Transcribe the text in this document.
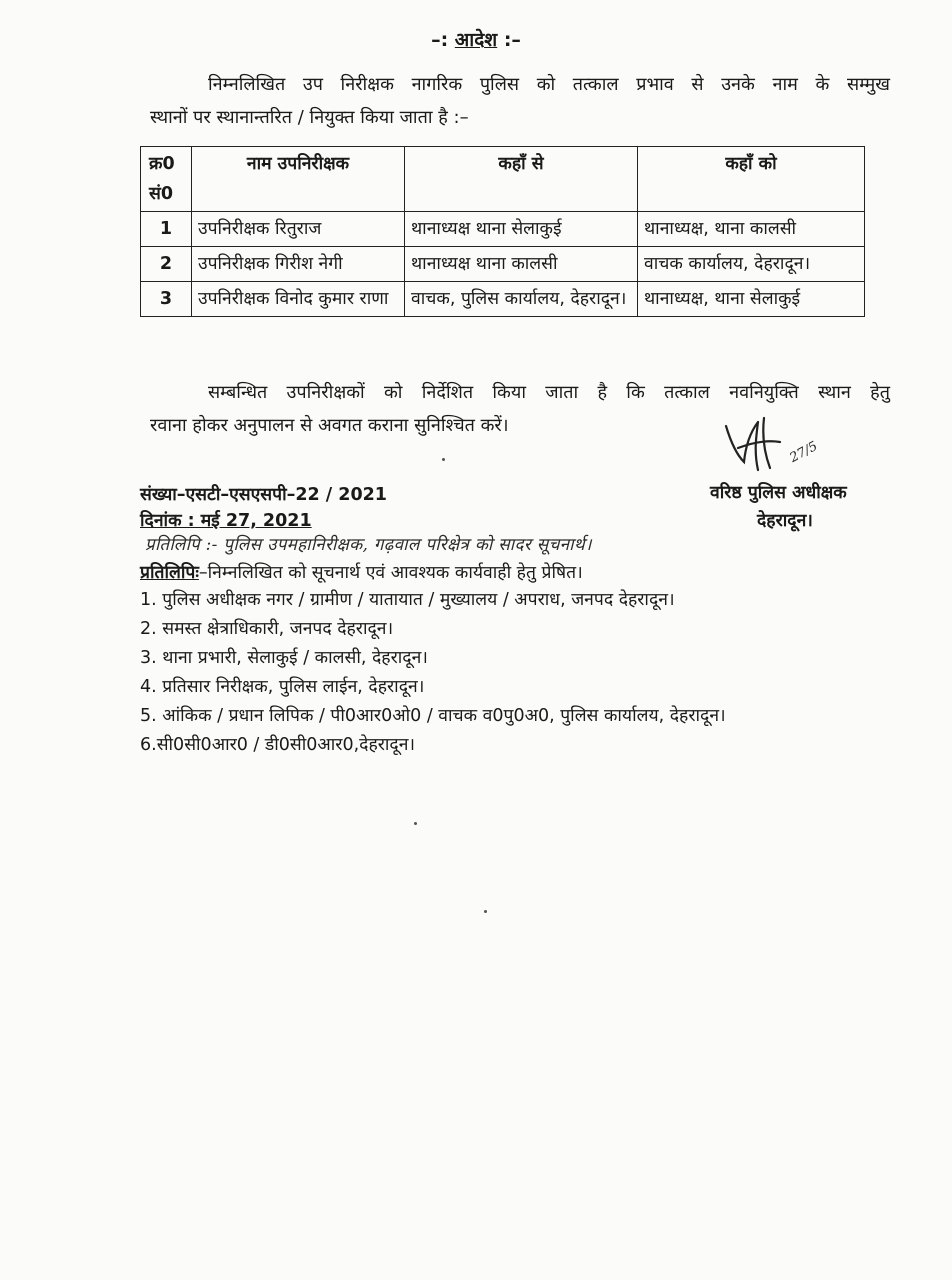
–: आदेश :–
निम्नलिखित उप निरीक्षक नागरिक पुलिस को तत्काल प्रभाव से उनके नाम के सम्मुख
स्थानों पर स्थानान्तरित / नियुक्त किया जाता है :–
क्र0 सं0	नाम उपनिरीक्षक	कहाँ से	कहाँ को
1	उपनिरीक्षक रितुराज	थानाध्यक्ष थाना सेलाकुई	थानाध्यक्ष, थाना कालसी
2	उपनिरीक्षक गिरीश नेगी	थानाध्यक्ष थाना कालसी	वाचक कार्यालय, देहरादून।
3	उपनिरीक्षक विनोद कुमार राणा	वाचक, पुलिस कार्यालय, देहरादून।	थानाध्यक्ष, थाना सेलाकुई
सम्बन्धित उपनिरीक्षकों को निर्देशित किया जाता है कि तत्काल नवनियुक्ति स्थान हेतु
रवाना होकर अनुपालन से अवगत कराना सुनिश्चित करें।
27/5
वरिष्ठ पुलिस अधीक्षक
देहरादून।
संख्या–एसटी–एसएसपी–22 / 2021
दिनांक : मई 27, 2021
प्रतिलिपि :- पुलिस उपमहानिरीक्षक, गढ़वाल परिक्षेत्र को सादर सूचनार्थ।
प्रतिलिपिः–निम्नलिखित को सूचनार्थ एवं आवश्यक कार्यवाही हेतु प्रेषित।
1. पुलिस अधीक्षक नगर / ग्रामीण / यातायात / मुख्यालय / अपराध, जनपद देहरादून।
2. समस्त क्षेत्राधिकारी, जनपद देहरादून।
3. थाना प्रभारी, सेलाकुई / कालसी, देहरादून।
4. प्रतिसार निरीक्षक, पुलिस लाईन, देहरादून।
5. आंकिक / प्रधान लिपिक / पी0आर0ओ0 / वाचक व0पु0अ0, पुलिस कार्यालय, देहरादून।
6.सी0सी0आर0 / डी0सी0आर0,देहरादून।
